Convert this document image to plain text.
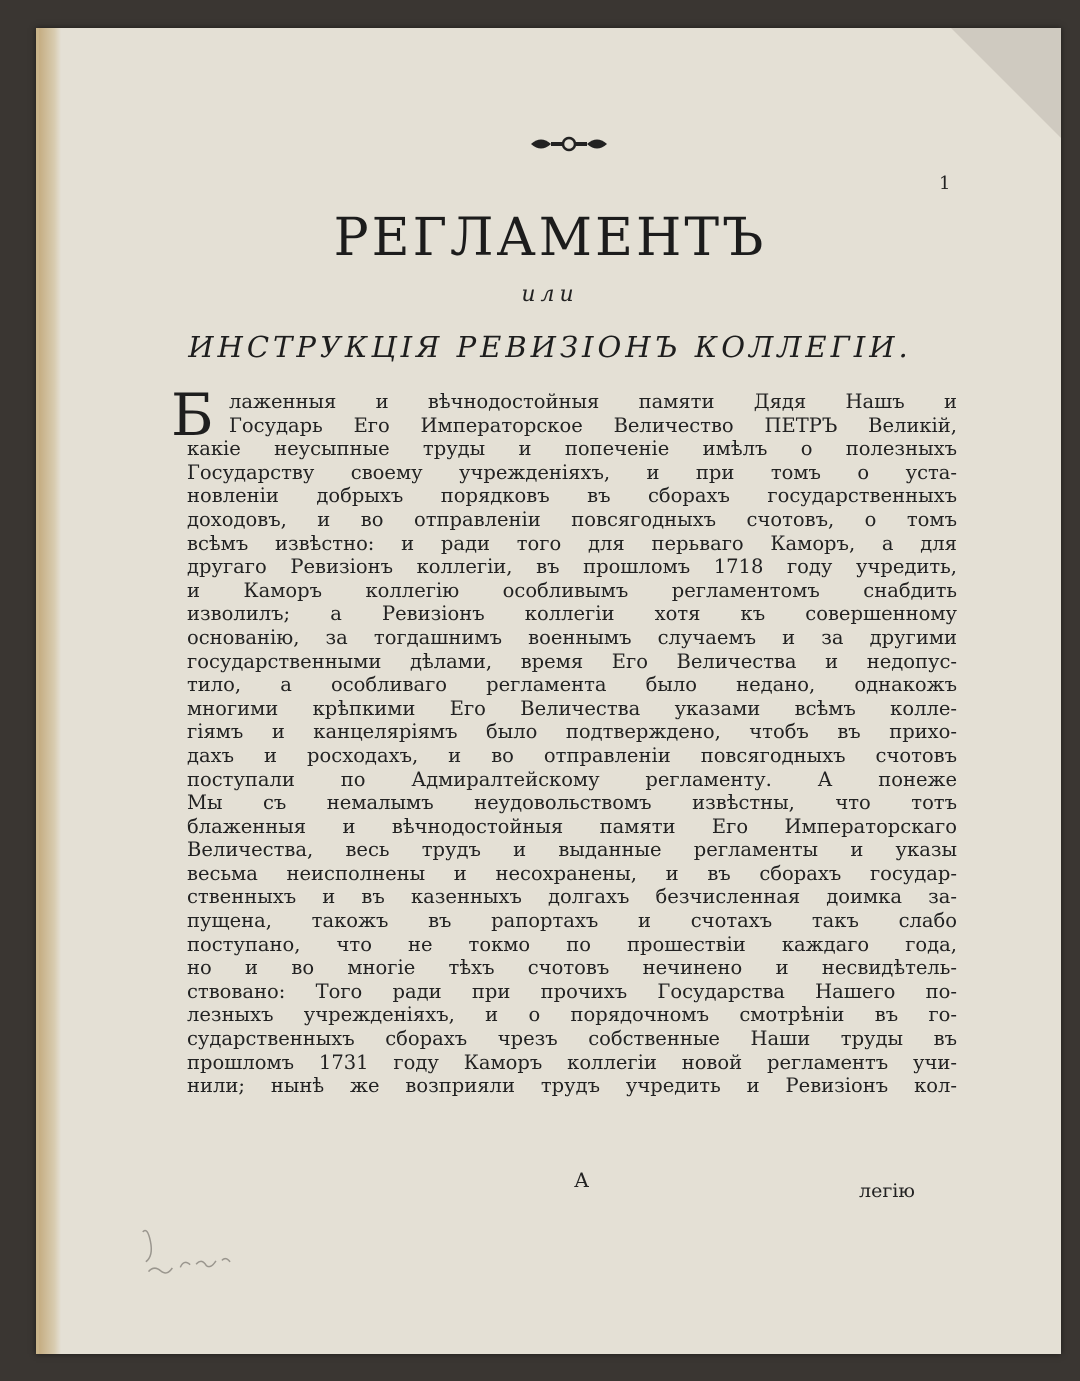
1
РЕГЛАМЕНТЪ
или
ИНСТРУКЦIЯ РЕВИЗIОНЪ КОЛЛЕГIИ.
Б лаженныя и вѣчнодостойныя памяти Дядя Нашъ и
Государь Его Императорское Величество ПЕТРЪ Великiй,
какiе неусыпные труды и попеченiе имѣлъ о полезныхъ
Государству своему учрежденiяхъ, и при томъ о уста-
новленiи добрыхъ порядковъ въ сборахъ государственныхъ
доходовъ, и во отправленiи повсягодныхъ счотовъ, о томъ
всѣмъ извѣстно: и ради того для перьваго Каморъ, а для
другаго Ревизiонъ коллегiи, въ прошломъ 1718 году учредить,
и Каморъ коллегiю особливымъ регламентомъ снабдить
изволилъ; а Ревизiонъ коллегiи хотя къ совершенному
основанiю, за тогдашнимъ военнымъ случаемъ и за другими
государственными дѣлами, время Его Величества и недопус-
тило, а особливаго регламента было недано, однакожъ
многими крѣпкими Его Величества указами всѣмъ колле-
гiямъ и канцелярiямъ было подтверждено, чтобъ въ прихо-
дахъ и росходахъ, и во отправленiи повсягодныхъ счотовъ
поступали по Адмиралтейскому регламенту. А понеже
Мы съ немалымъ неудовольствомъ извѣстны, что тотъ
блаженныя и вѣчнодостойныя памяти Его Императорскаго
Величества, весь трудъ и выданные регламенты и указы
весьма неисполнены и несохранены, и въ сборахъ государ-
ственныхъ и въ казенныхъ долгахъ безчисленная доимка за-
пущена, такожъ въ рапортахъ и счотахъ такъ слабо
поступано, что не токмо по прошествiи каждаго года,
но и во многiе тѣхъ счотовъ нечинено и несвидѣтель-
ствовано: Того ради при прочихъ Государства Нашего по-
лезныхъ учрежденiяхъ, и о порядочномъ смотрѣнiи въ го-
сударственныхъ сборахъ чрезъ собственные Наши труды въ
прошломъ 1731 году Каморъ коллегiи новой регламентъ учи-
нили; нынѣ же возприяли трудъ учредить и Ревизiонъ кол-
А	легiю
